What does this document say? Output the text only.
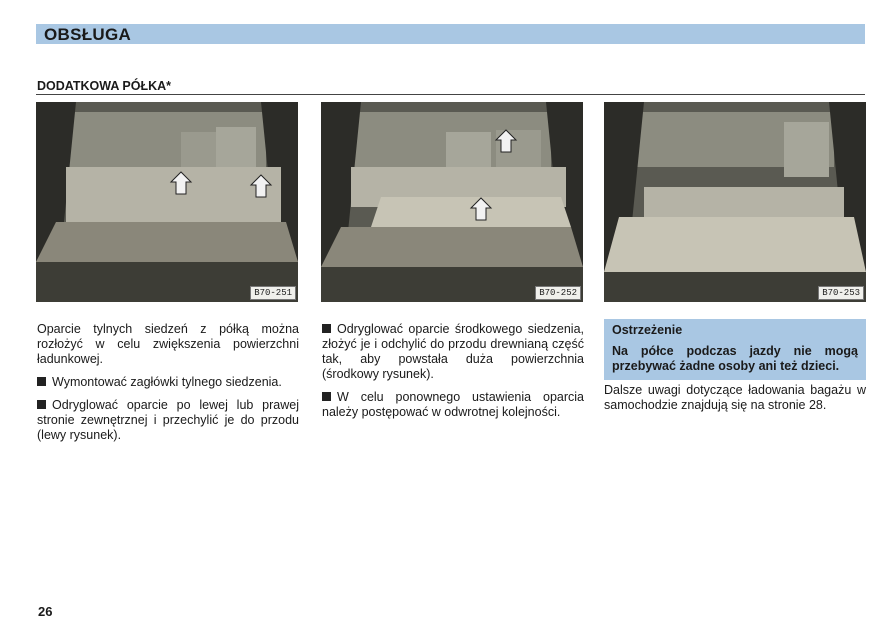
OBSŁUGA
DODATKOWA PÓŁKA*
B70-251	B70-252	B70-253

Oparcie tylnych siedzeń z półką można rozłożyć w celu zwiększenia powierzchni ładunkowej.

Wymontować zagłówki tylnego siedzenia.

Odryglować oparcie po lewej lub prawej stronie zewnętrznej i przechylić je do przodu (lewy rysunek).

Odryglować oparcie środkowego siedzenia, złożyć je i odchylić do przodu drewnianą część tak, aby powstała duża powierzchnia (środkowy rysunek).

W celu ponownego ustawienia oparcia należy postępować w odwrotnej kolejności.

Ostrzeżenie
Na półce podczas jazdy nie mogą przebywać żadne osoby ani też dzieci.

Dalsze uwagi dotyczące ładowania bagażu w samochodzie znajdują się na stronie 28.

26
